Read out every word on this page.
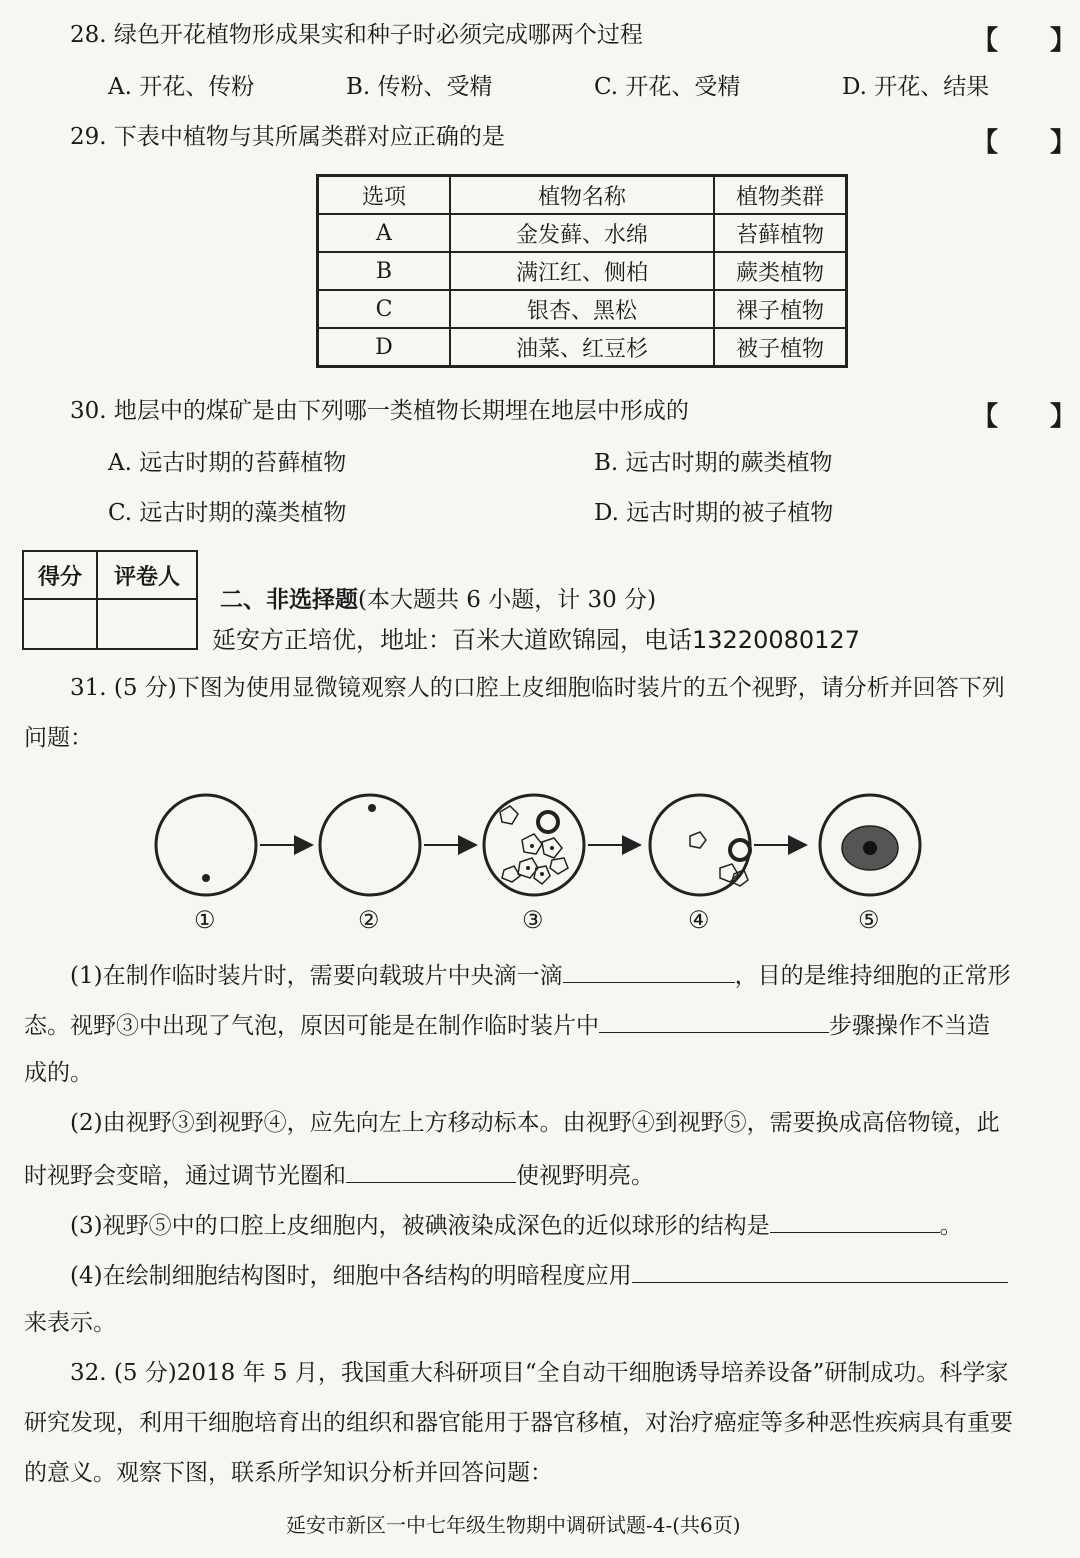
28. 绿色开花植物形成果实和种子时必须完成哪两个过程	【　　】
A. 开花、传粉	B. 传粉、受精	C. 开花、受精	D. 开花、结果
29. 下表中植物与其所属类群对应正确的是	【　　】
选项	植物名称	植物类群
A	金发藓、水绵	苔藓植物
B	满江红、侧柏	蕨类植物
C	银杏、黑松	裸子植物
D	油菜、红豆杉	被子植物
30. 地层中的煤矿是由下列哪一类植物长期埋在地层中形成的	【　　】
A. 远古时期的苔藓植物	B. 远古时期的蕨类植物
C. 远古时期的藻类植物	D. 远古时期的被子植物
得分	评卷人

二、非选择题(本大题共 6 小题，计 30 分)
延安方正培优，地址：百米大道欧锦园，电话13220080127
31. (5 分)下图为使用显微镜观察人的口腔上皮细胞临时装片的五个视野，请分析并回答下列
问题：
①	②	③	④	⑤
(1)在制作临时装片时，需要向载玻片中央滴一滴	，目的是维持细胞的正常形
态。视野③中出现了气泡，原因可能是在制作临时装片中	步骤操作不当造
成的。
(2)由视野③到视野④，应先向左上方移动标本。由视野④到视野⑤，需要换成高倍物镜，此
时视野会变暗，通过调节光圈和	使视野明亮。
(3)视野⑤中的口腔上皮细胞内，被碘液染成深色的近似球形的结构是	。
(4)在绘制细胞结构图时，细胞中各结构的明暗程度应用
来表示。
32. (5 分)2018 年 5 月，我国重大科研项目“全自动干细胞诱导培养设备”研制成功。科学家
研究发现，利用干细胞培育出的组织和器官能用于器官移植，对治疗癌症等多种恶性疾病具有重要
的意义。观察下图，联系所学知识分析并回答问题：
延安市新区一中七年级生物期中调研试题-4-(共6页)
